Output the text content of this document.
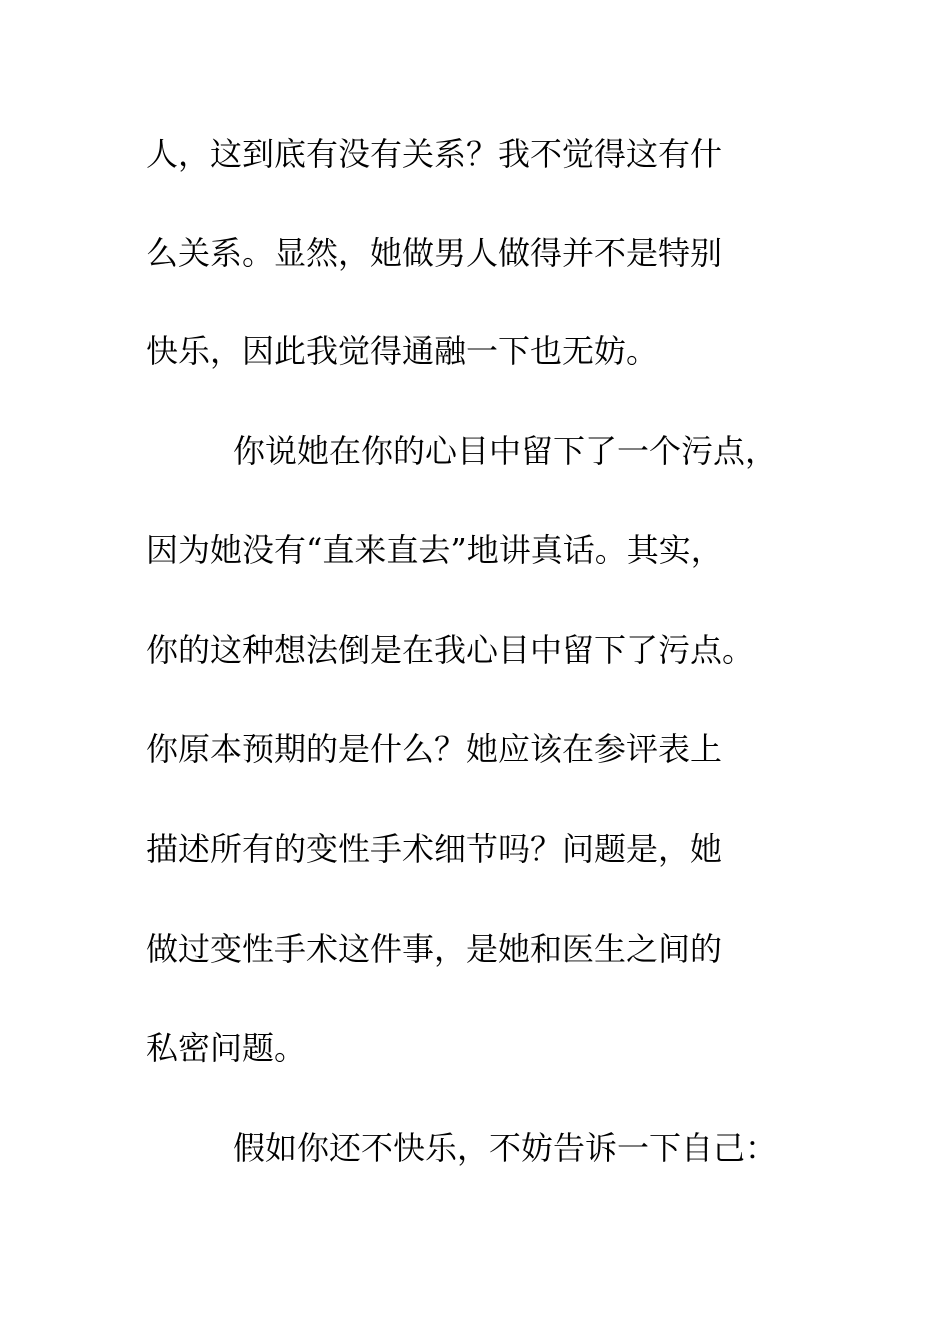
人，这到底有没有关系？我不觉得这有什
么关系。显然，她做男人做得并不是特别
快乐，因此我觉得通融一下也无妨。
你说她在你的心目中留下了一个污点，
因为她没有“直来直去”地讲真话。其实，
你的这种想法倒是在我心目中留下了污点。
你原本预期的是什么？她应该在参评表上
描述所有的变性手术细节吗？问题是，她
做过变性手术这件事，是她和医生之间的
私密问题。
假如你还不快乐，不妨告诉一下自己：
